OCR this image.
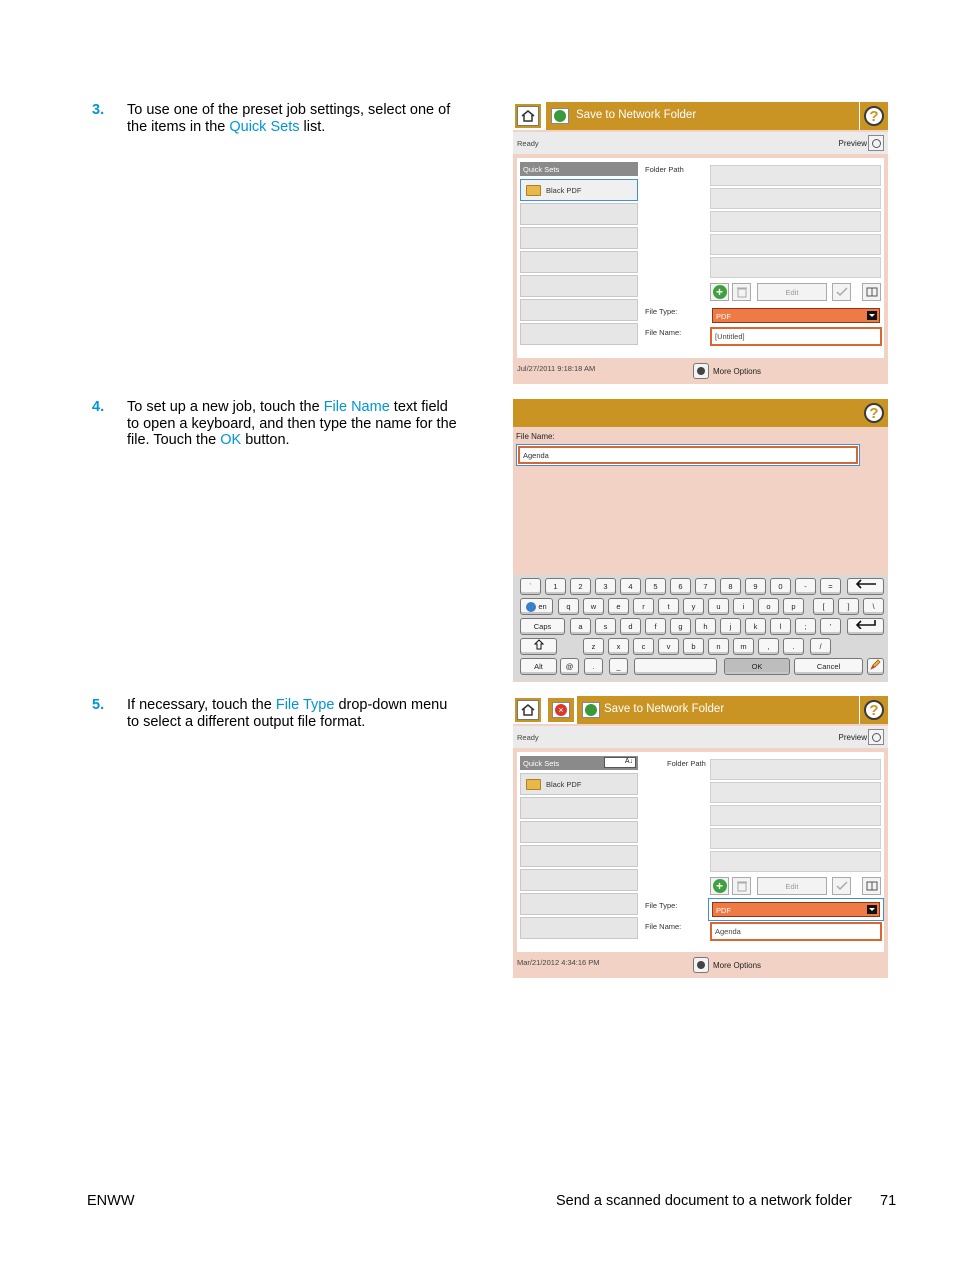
3. To use one of the preset job settings, select one of the items in the Quick Sets list.
4. To set up a new job, touch the File Name text field to open a keyboard, and then type the name for the file. Touch the OK button.
5. If necessary, touch the File Type drop-down menu to select a different output file format.
Save to Network Folder	?
Ready	Preview
Quick Sets
Black PDF
Folder Path
+	Edit
File Type:
PDF
File Name:	[Untitled]
Jul/27/2011 9:18:18 AM	More Options
?
File Name:
Agenda
`	1	2	3	4	5	6	7	8	9	0	-	=
en	q	w	e	r	t	y	u	i	o	p	[	]	\
Caps	a	s	d	f	g	h	j	k	l	;	'
z	x	c	v	b	n	m	,	.	/
Alt	@	.	_	OK	Cancel
×	Save to Network Folder	?
Ready	Preview
Quick Sets	A↓
Black PDF
Folder Path
+	Edit
File Type:
PDF
File Name:
Agenda
Mar/21/2012 4:34:16 PM	More Options
ENWW	Send a scanned document to a network folder 71
